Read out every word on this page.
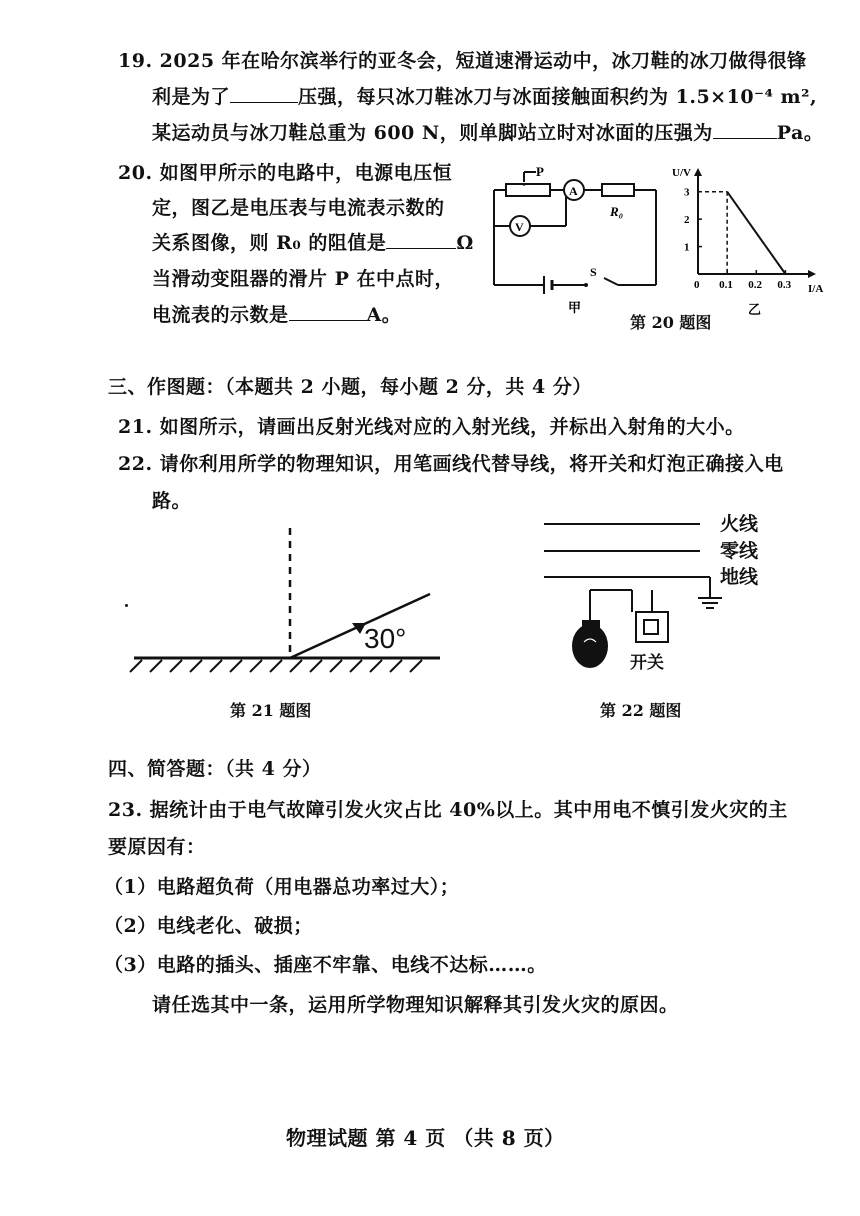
19. 2025 年在哈尔滨举行的亚冬会，短道速滑运动中，冰刀鞋的冰刀做得很锋
利是为了	压强，每只冰刀鞋冰刀与冰面接触面积约为 1.5×10⁻⁴ m²,
某运动员与冰刀鞋总重为 600 N，则单脚站立时对冰面的压强为	Pa。
20. 如图甲所示的电路中，电源电压恒
定，图乙是电压表与电流表示数的
关系图像，则 R₀ 的阻值是	Ω
当滑动变阻器的滑片 P 在中点时，
电流表的示数是	A。
P
A
V
R₀
S
甲
0 0.1 0.2 0.3
1
2
3
U/V
I/A
乙
第 20 题图
三、作图题：（本题共 2 小题，每小题 2 分，共 4 分）
21. 如图所示，请画出反射光线对应的入射光线，并标出入射角的大小。
22. 请你利用所学的物理知识，用笔画线代替导线，将开关和灯泡正确接入电
路。
30°
第 21 题图
火线
零线
地线
开关
第 22 题图
四、简答题：（共 4 分）
23. 据统计由于电气故障引发火灾占比 40%以上。其中用电不慎引发火灾的主
要原因有：
（1）电路超负荷（用电器总功率过大）；
（2）电线老化、破损；
（3）电路的插头、插座不牢靠、电线不达标……。
请任选其中一条，运用所学物理知识解释其引发火灾的原因。
物理试题 第 4 页 （共 8 页）
